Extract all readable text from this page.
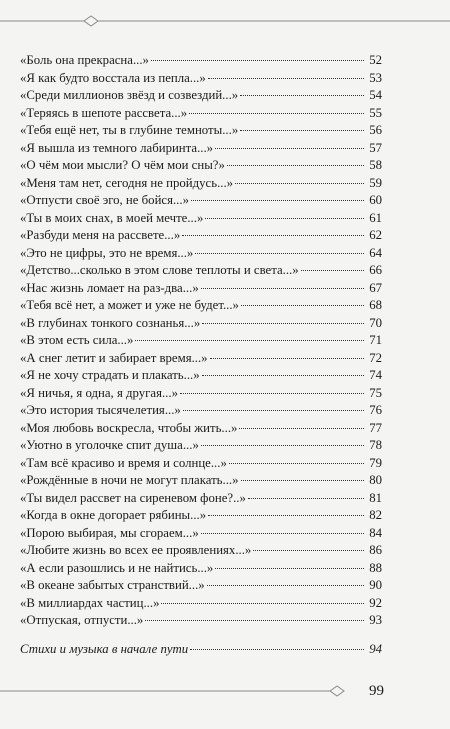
«Боль она прекрасна...»	52
«Я как будто восстала из пепла...»	53
«Среди миллионов звёзд и созвездий...»	54
«Теряясь в шепоте рассвета...»	55
«Тебя ещё нет, ты в глубине темноты...»	56
«Я вышла из темного лабиринта...»	57
«О чём мои мысли? О чём мои сны?»	58
«Меня там нет, сегодня не пройдусь...»	59
«Отпусти своё эго, не бойся...»	60
«Ты в моих снах, в моей мечте...»	61
«Разбуди меня на рассвете...»	62
«Это не цифры, это не время...»	64
«Детство...сколько в этом слове теплоты и света...»	66
«Нас жизнь ломает на раз-два...»	67
«Тебя всё нет, а может и уже не будет...»	68
«В глубинах тонкого сознанья...»	70
«В этом есть сила...»	71
«А снег летит и забирает время...»	72
«Я не хочу страдать и плакать...»	74
«Я ничья, я одна, я другая...»	75
«Это история тысячелетия...»	76
«Моя любовь воскресла, чтобы жить...»	77
«Уютно в уголочке спит душа...»	78
«Там всё красиво и время и солнце...»	79
«Рождённые в ночи не могут плакать...»	80
«Ты видел рассвет на сиреневом фоне?..»	81
«Когда в окне догорает рябины...»	82
«Порою выбирая, мы сгораем...»	84
«Любите жизнь во всех ее проявлениях...»	86
«А если разошлись и не найтись...»	88
«В океане забытых странствий...»	90
«В миллиардах частиц...»	92
«Отпуская, отпусти...»	93
Стихи и музыка в начале пути	94
99
